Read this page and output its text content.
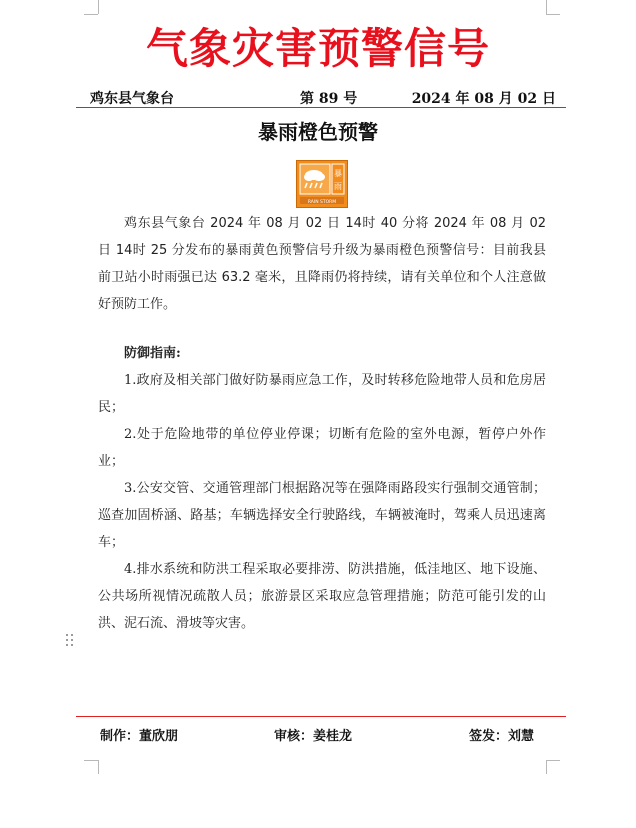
气象灾害预警信号
鸡东县气象台	第 89 号	2024 年 08 月 02 日
暴雨橙色预警
暴
雨
RAIN STORM

鸡东县气象台 2024 年 08 月 02 日 14时 40 分将 2024 年 08 月 02 日 14时 25 分发布的暴雨黄色预警信号升级为暴雨橙色预警信号：目前我县前卫站小时雨强已达 63.2 毫米，且降雨仍将持续，请有关单位和个人注意做好预防工作。

防御指南:

1.政府及相关部门做好防暴雨应急工作，及时转移危险地带人员和危房居民；

2.处于危险地带的单位停业停课；切断有危险的室外电源，暂停户外作业；

3.公安交管、交通管理部门根据路况等在强降雨路段实行强制交通管制；巡查加固桥涵、路基；车辆选择安全行驶路线，车辆被淹时，驾乘人员迅速离车；

4.排水系统和防洪工程采取必要排涝、防洪措施，低洼地区、地下设施、公共场所视情况疏散人员；旅游景区采取应急管理措施；防范可能引发的山洪、泥石流、滑坡等灾害。

制作：董欣朋	审核：姜桂龙	签发：刘慧
